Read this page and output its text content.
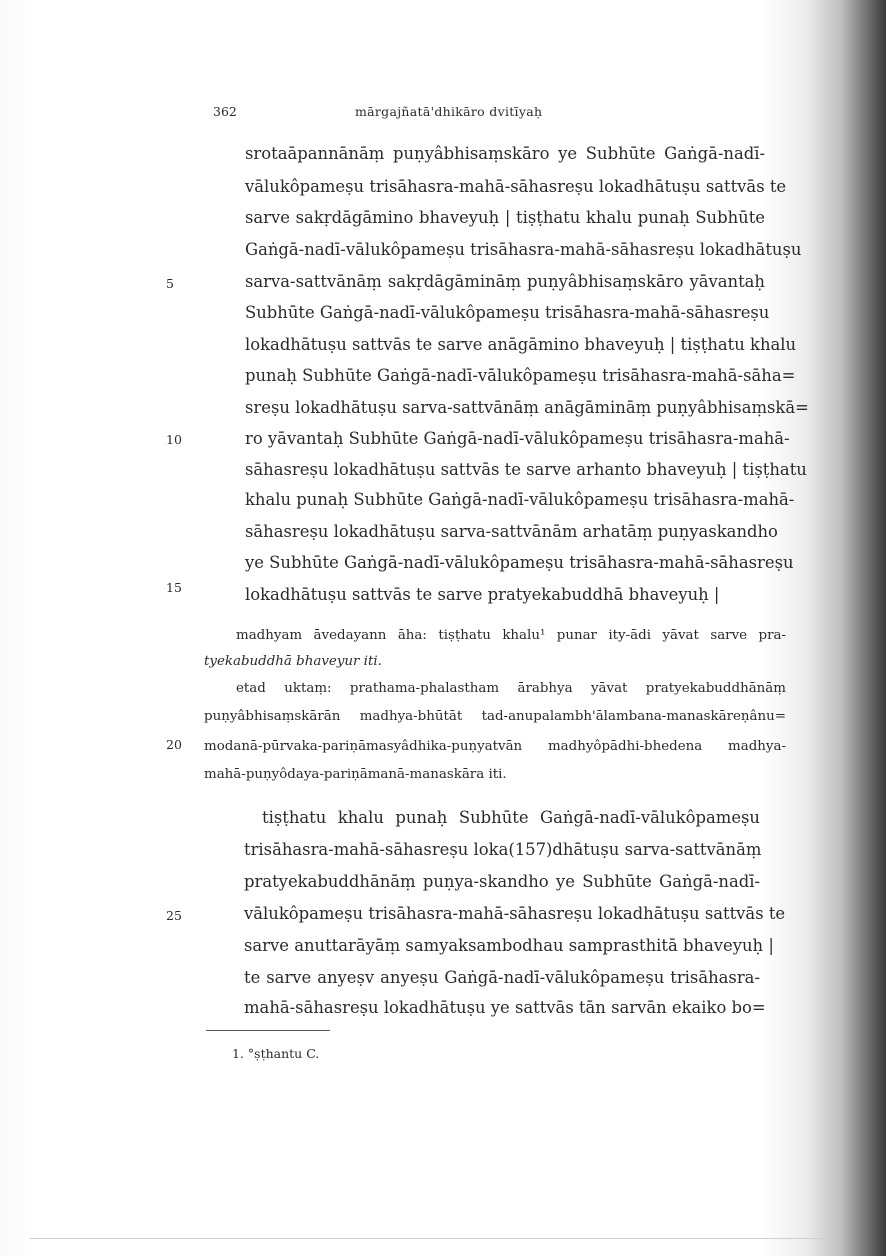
362	mārgajñatā'dhikāro dvitīyaḥ
5
10
15
20
25
srotaāpannānāṃ puṇyâbhisaṃskāro ye Subhūte Gaṅgā-nadī-
vālukôpameṣu trisāhasra-mahā-sāhasreṣu lokadhātuṣu sattvās te
sarve sakṛdāgāmino bhaveyuḥ | tiṣṭhatu khalu punaḥ Subhūte
Gaṅgā-nadī-vālukôpameṣu trisāhasra-mahā-sāhasreṣu lokadhātuṣu
sarva-sattvānāṃ sakṛdāgāmināṃ puṇyâbhisaṃskāro yāvantaḥ
Subhūte Gaṅgā-nadī-vālukôpameṣu trisāhasra-mahā-sāhasreṣu
lokadhātuṣu sattvās te sarve anāgāmino bhaveyuḥ | tiṣṭhatu khalu
punaḥ Subhūte Gaṅgā-nadī-vālukôpameṣu trisāhasra-mahā-sāha=
sreṣu lokadhātuṣu sarva-sattvānāṃ anāgāmināṃ puṇyâbhisaṃskā=
ro yāvantaḥ Subhūte Gaṅgā-nadī-vālukôpameṣu trisāhasra-mahā-
sāhasreṣu lokadhātuṣu sattvās te sarve arhanto bhaveyuḥ | tiṣṭhatu
khalu punaḥ Subhūte Gaṅgā-nadī-vālukôpameṣu trisāhasra-mahā-
sāhasreṣu lokadhātuṣu sarva-sattvānām arhatāṃ puṇyaskandho
ye Subhūte Gaṅgā-nadī-vālukôpameṣu trisāhasra-mahā-sāhasreṣu
lokadhātuṣu sattvās te sarve pratyekabuddhā bhaveyuḥ |
madhyam āvedayann āha: tiṣṭhatu khalu¹ punar ity-ādi yāvat sarve pra-
tyekabuddhā bhaveyur iti.
etad uktaṃ: prathama-phalastham ārabhya yāvat pratyekabuddhānāṃ
puṇyâbhisaṃskārān madhya-bhūtāt tad-anupalambh'ālambana-manaskāreṇânu=
modanā-pūrvaka-pariṇāmasyâdhika-puṇyatvān madhyôpādhi-bhedena madhya-
mahā-puṇyôdaya-pariṇāmanā-manaskāra iti.
tiṣṭhatu khalu punaḥ Subhūte Gaṅgā-nadī-vālukôpameṣu
trisāhasra-mahā-sāhasreṣu loka(157)dhātuṣu sarva-sattvānāṃ
pratyekabuddhānāṃ puṇya-skandho ye Subhūte Gaṅgā-nadī-
vālukôpameṣu trisāhasra-mahā-sāhasreṣu lokadhātuṣu sattvās te
sarve anuttarāyāṃ samyaksambodhau samprasthitā bhaveyuḥ |
te sarve anyeṣv anyeṣu Gaṅgā-nadī-vālukôpameṣu trisāhasra-
mahā-sāhasreṣu lokadhātuṣu ye sattvās tān sarvān ekaiko bo=
1. °ṣṭhantu C.
